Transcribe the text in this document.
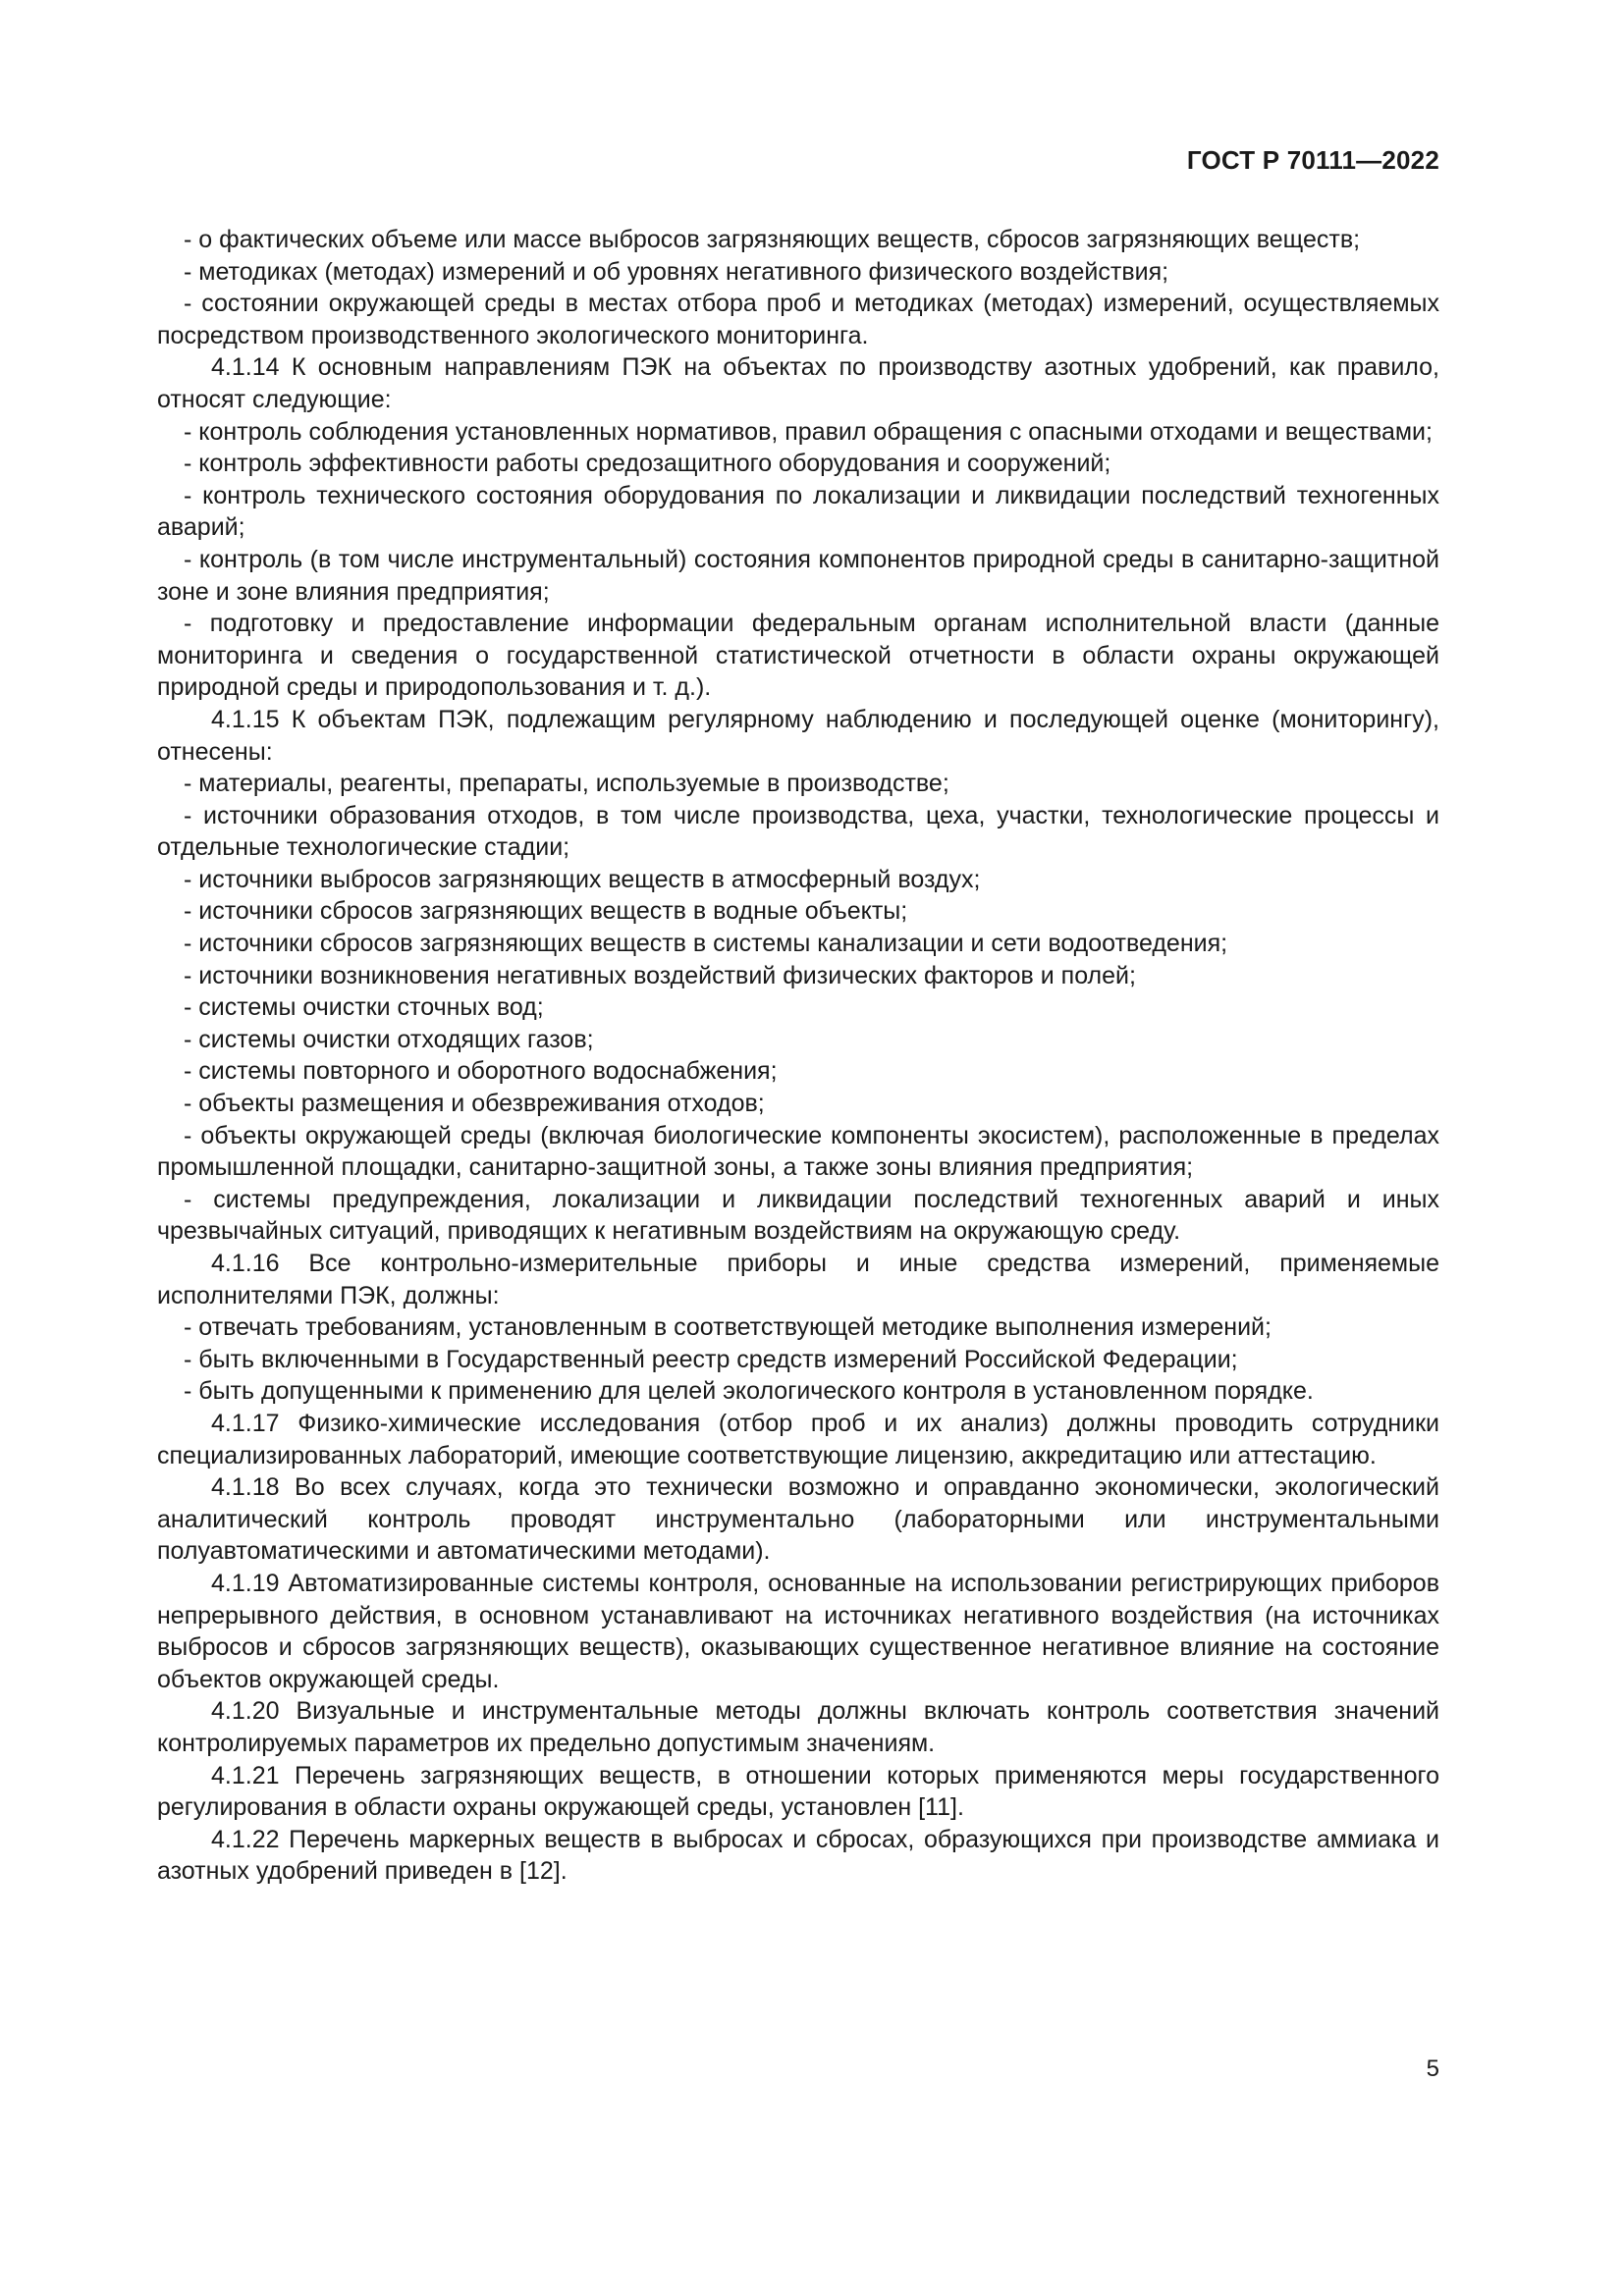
ГОСТ Р 70111—2022

- о фактических объеме или массе выбросов загрязняющих веществ, сбросов загрязняющих веществ;

- методиках (методах) измерений и об уровнях негативного физического воздействия;

- состоянии окружающей среды в местах отбора проб и методиках (методах) измерений, осуществляемых посредством производственного экологического мониторинга.

4.1.14 К основным направлениям ПЭК на объектах по производству азотных удобрений, как правило, относят следующие:

- контроль соблюдения установленных нормативов, правил обращения с опасными отходами и веществами;

- контроль эффективности работы средозащитного оборудования и сооружений;

- контроль технического состояния оборудования по локализации и ликвидации последствий техногенных аварий;

- контроль (в том числе инструментальный) состояния компонентов природной среды в санитарно-защитной зоне и зоне влияния предприятия;

- подготовку и предоставление информации федеральным органам исполнительной власти (данные мониторинга и сведения о государственной статистической отчетности в области охраны окружающей природной среды и природопользования и т. д.).

4.1.15 К объектам ПЭК, подлежащим регулярному наблюдению и последующей оценке (мониторингу), отнесены:

- материалы, реагенты, препараты, используемые в производстве;

- источники образования отходов, в том числе производства, цеха, участки, технологические процессы и отдельные технологические стадии;

- источники выбросов загрязняющих веществ в атмосферный воздух;

- источники сбросов загрязняющих веществ в водные объекты;

- источники сбросов загрязняющих веществ в системы канализации и сети водоотведения;

- источники возникновения негативных воздействий физических факторов и полей;

- системы очистки сточных вод;

- системы очистки отходящих газов;

- системы повторного и оборотного водоснабжения;

- объекты размещения и обезвреживания отходов;

- объекты окружающей среды (включая биологические компоненты экосистем), расположенные в пределах промышленной площадки, санитарно-защитной зоны, а также зоны влияния предприятия;

- системы предупреждения, локализации и ликвидации последствий техногенных аварий и иных чрезвычайных ситуаций, приводящих к негативным воздействиям на окружающую среду.

4.1.16 Все контрольно-измерительные приборы и иные средства измерений, применяемые исполнителями ПЭК, должны:

- отвечать требованиям, установленным в соответствующей методике выполнения измерений;

- быть включенными в Государственный реестр средств измерений Российской Федерации;

- быть допущенными к применению для целей экологического контроля в установленном порядке.

4.1.17 Физико-химические исследования (отбор проб и их анализ) должны проводить сотрудники специализированных лабораторий, имеющие соответствующие лицензию, аккредитацию или аттестацию.

4.1.18 Во всех случаях, когда это технически возможно и оправданно экономически, экологический аналитический контроль проводят инструментально (лабораторными или инструментальными полуавтоматическими и автоматическими методами).

4.1.19 Автоматизированные системы контроля, основанные на использовании регистрирующих приборов непрерывного действия, в основном устанавливают на источниках негативного воздействия (на источниках выбросов и сбросов загрязняющих веществ), оказывающих существенное негативное влияние на состояние объектов окружающей среды.

4.1.20 Визуальные и инструментальные методы должны включать контроль соответствия значений контролируемых параметров их предельно допустимым значениям.

4.1.21 Перечень загрязняющих веществ, в отношении которых применяются меры государственного регулирования в области охраны окружающей среды, установлен [11].

4.1.22 Перечень маркерных веществ в выбросах и сбросах, образующихся при производстве аммиака и азотных удобрений приведен в [12].

5
